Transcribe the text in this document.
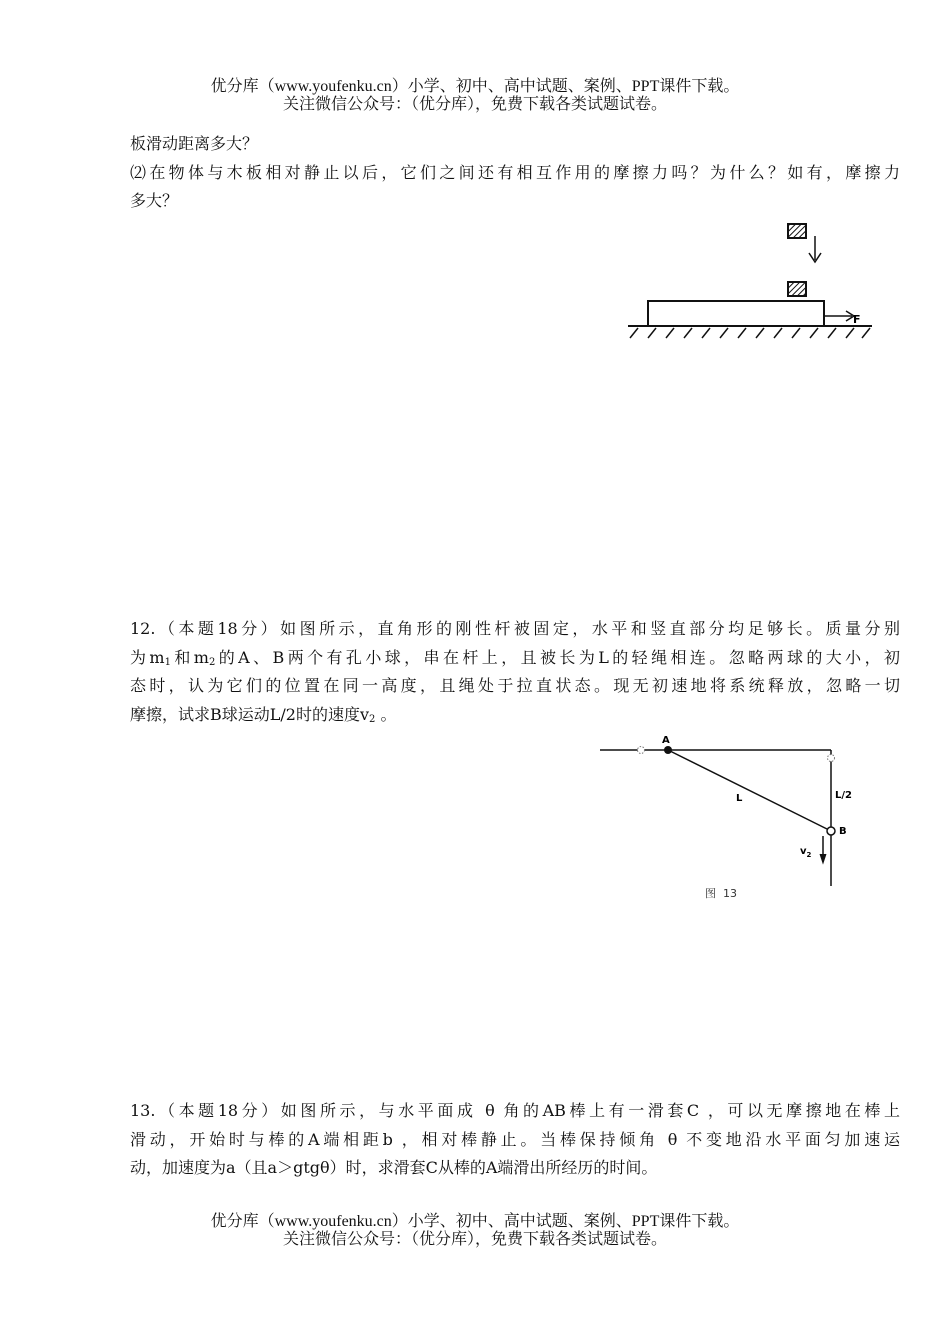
优分库（www.youfenku.cn）小学、初中、高中试题、案例、PPT课件下载。
关注微信公众号：（优分库），免费下载各类试题试卷。
板滑动距离多大？
⑵在物体与木板相对静止以后，它们之间还有相互作用的摩擦力吗？为什么？如有，摩擦力
多大？
F
12.（本题18分）如图所示，直角形的刚性杆被固定，水平和竖直部分均足够长。质量分别
为$m_1$和$m_2$的A、B两个有孔小球，串在杆上，且被长为L的轻绳相连。忽略两球的大小，初
态时，认为它们的位置在同一高度，且绳处于拉直状态。现无初速地将系统释放，忽略一切
摩擦，试求B球运动L/2时的速度$v_2$ 。
A
B
L	L/2
$v_2$
图  13
13.（本题18分）如图所示，与水平面成 θ 角的AB棒上有一滑套C ，可以无摩擦地在棒上
滑动，开始时与棒的A端相距b ，相对棒静止。当棒保持倾角 θ 不变地沿水平面匀加速运
动，加速度为a（且a＞gtgθ）时，求滑套C从棒的A端滑出所经历的时间。
优分库（www.youfenku.cn）小学、初中、高中试题、案例、PPT课件下载。
关注微信公众号：（优分库），免费下载各类试题试卷。
